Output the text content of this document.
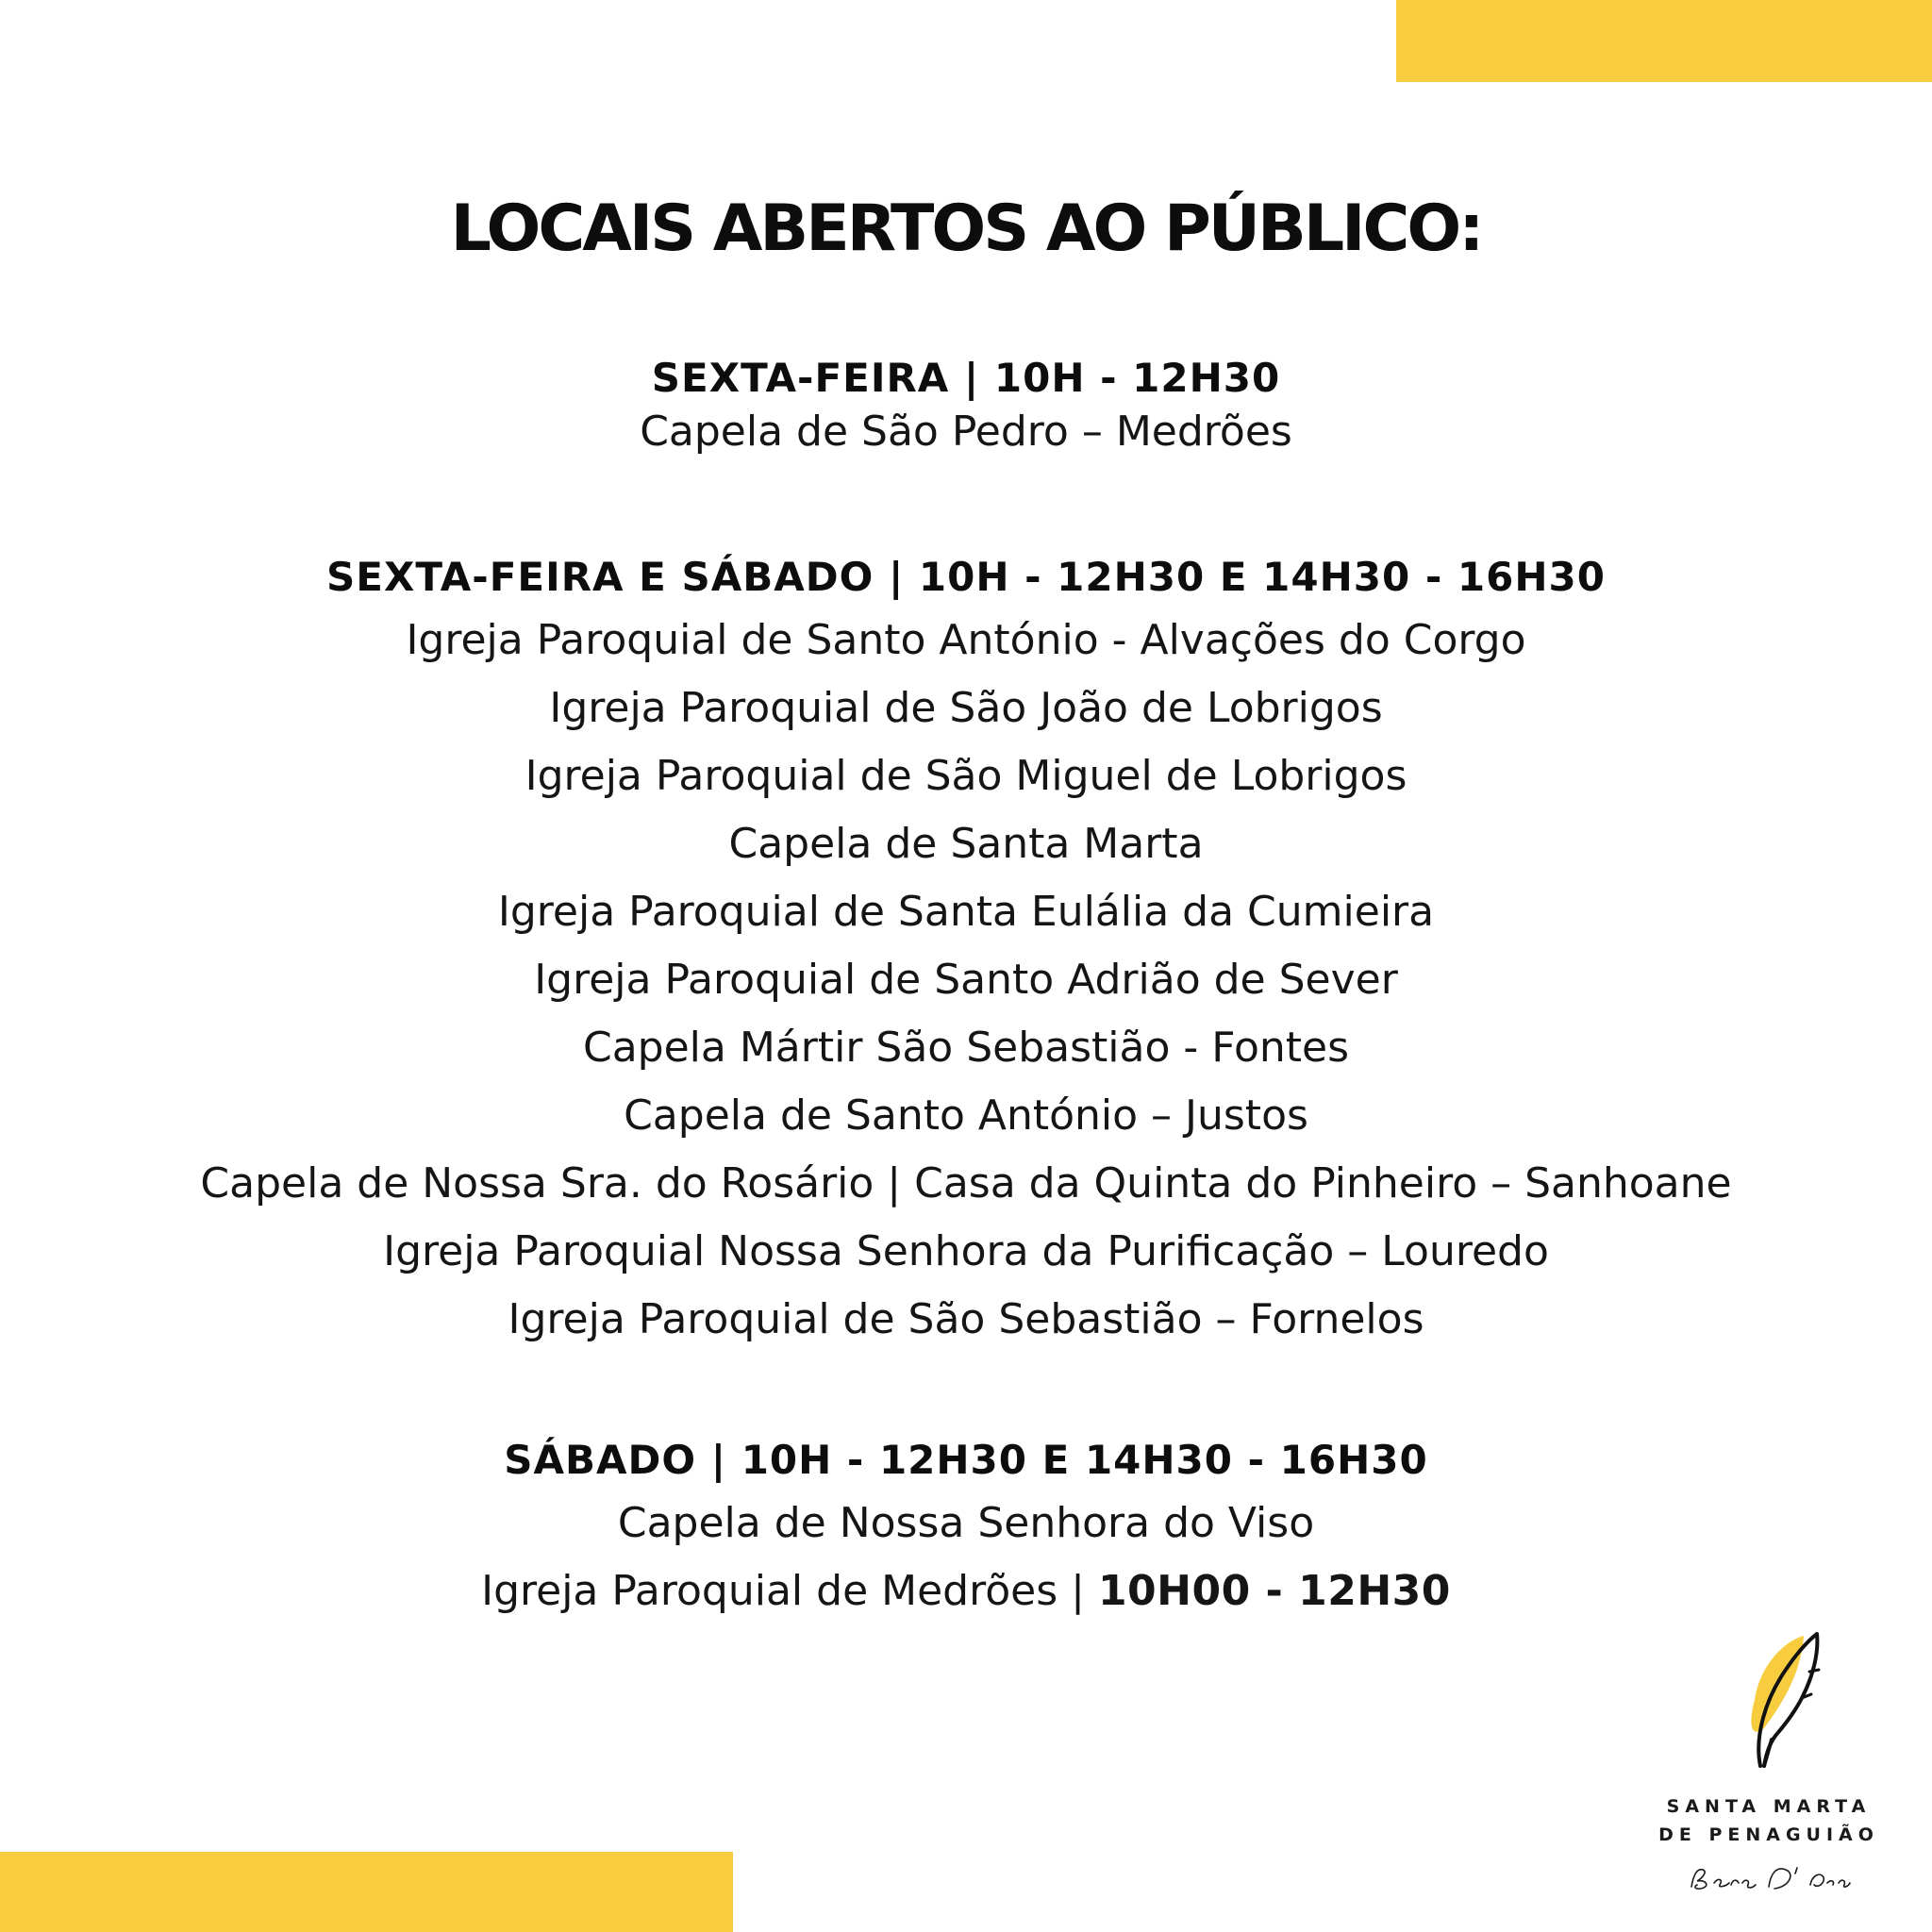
LOCAIS ABERTOS AO PÚBLICO:
SEXTA-FEIRA | 10H - 12H30
Capela de São Pedro – Medrões
SEXTA-FEIRA E SÁBADO | 10H - 12H30 E 14H30 - 16H30
Igreja Paroquial de Santo António - Alvações do Corgo
Igreja Paroquial de São João de Lobrigos
Igreja Paroquial de São Miguel de Lobrigos
Capela de Santa Marta
Igreja Paroquial de Santa Eulália da Cumieira
Igreja Paroquial de Santo Adrião de Sever
Capela Mártir São Sebastião - Fontes
Capela de Santo António – Justos
Capela de Nossa Sra. do Rosário | Casa da Quinta do Pinheiro – Sanhoane
Igreja Paroquial Nossa Senhora da Purificação – Louredo
Igreja Paroquial de São Sebastião – Fornelos
SÁBADO | 10H - 12H30 E 14H30 - 16H30
Capela de Nossa Senhora do Viso
Igreja Paroquial de Medrões | 10H00 - 12H30
SANTA MARTA
DE PENAGUIÃO
